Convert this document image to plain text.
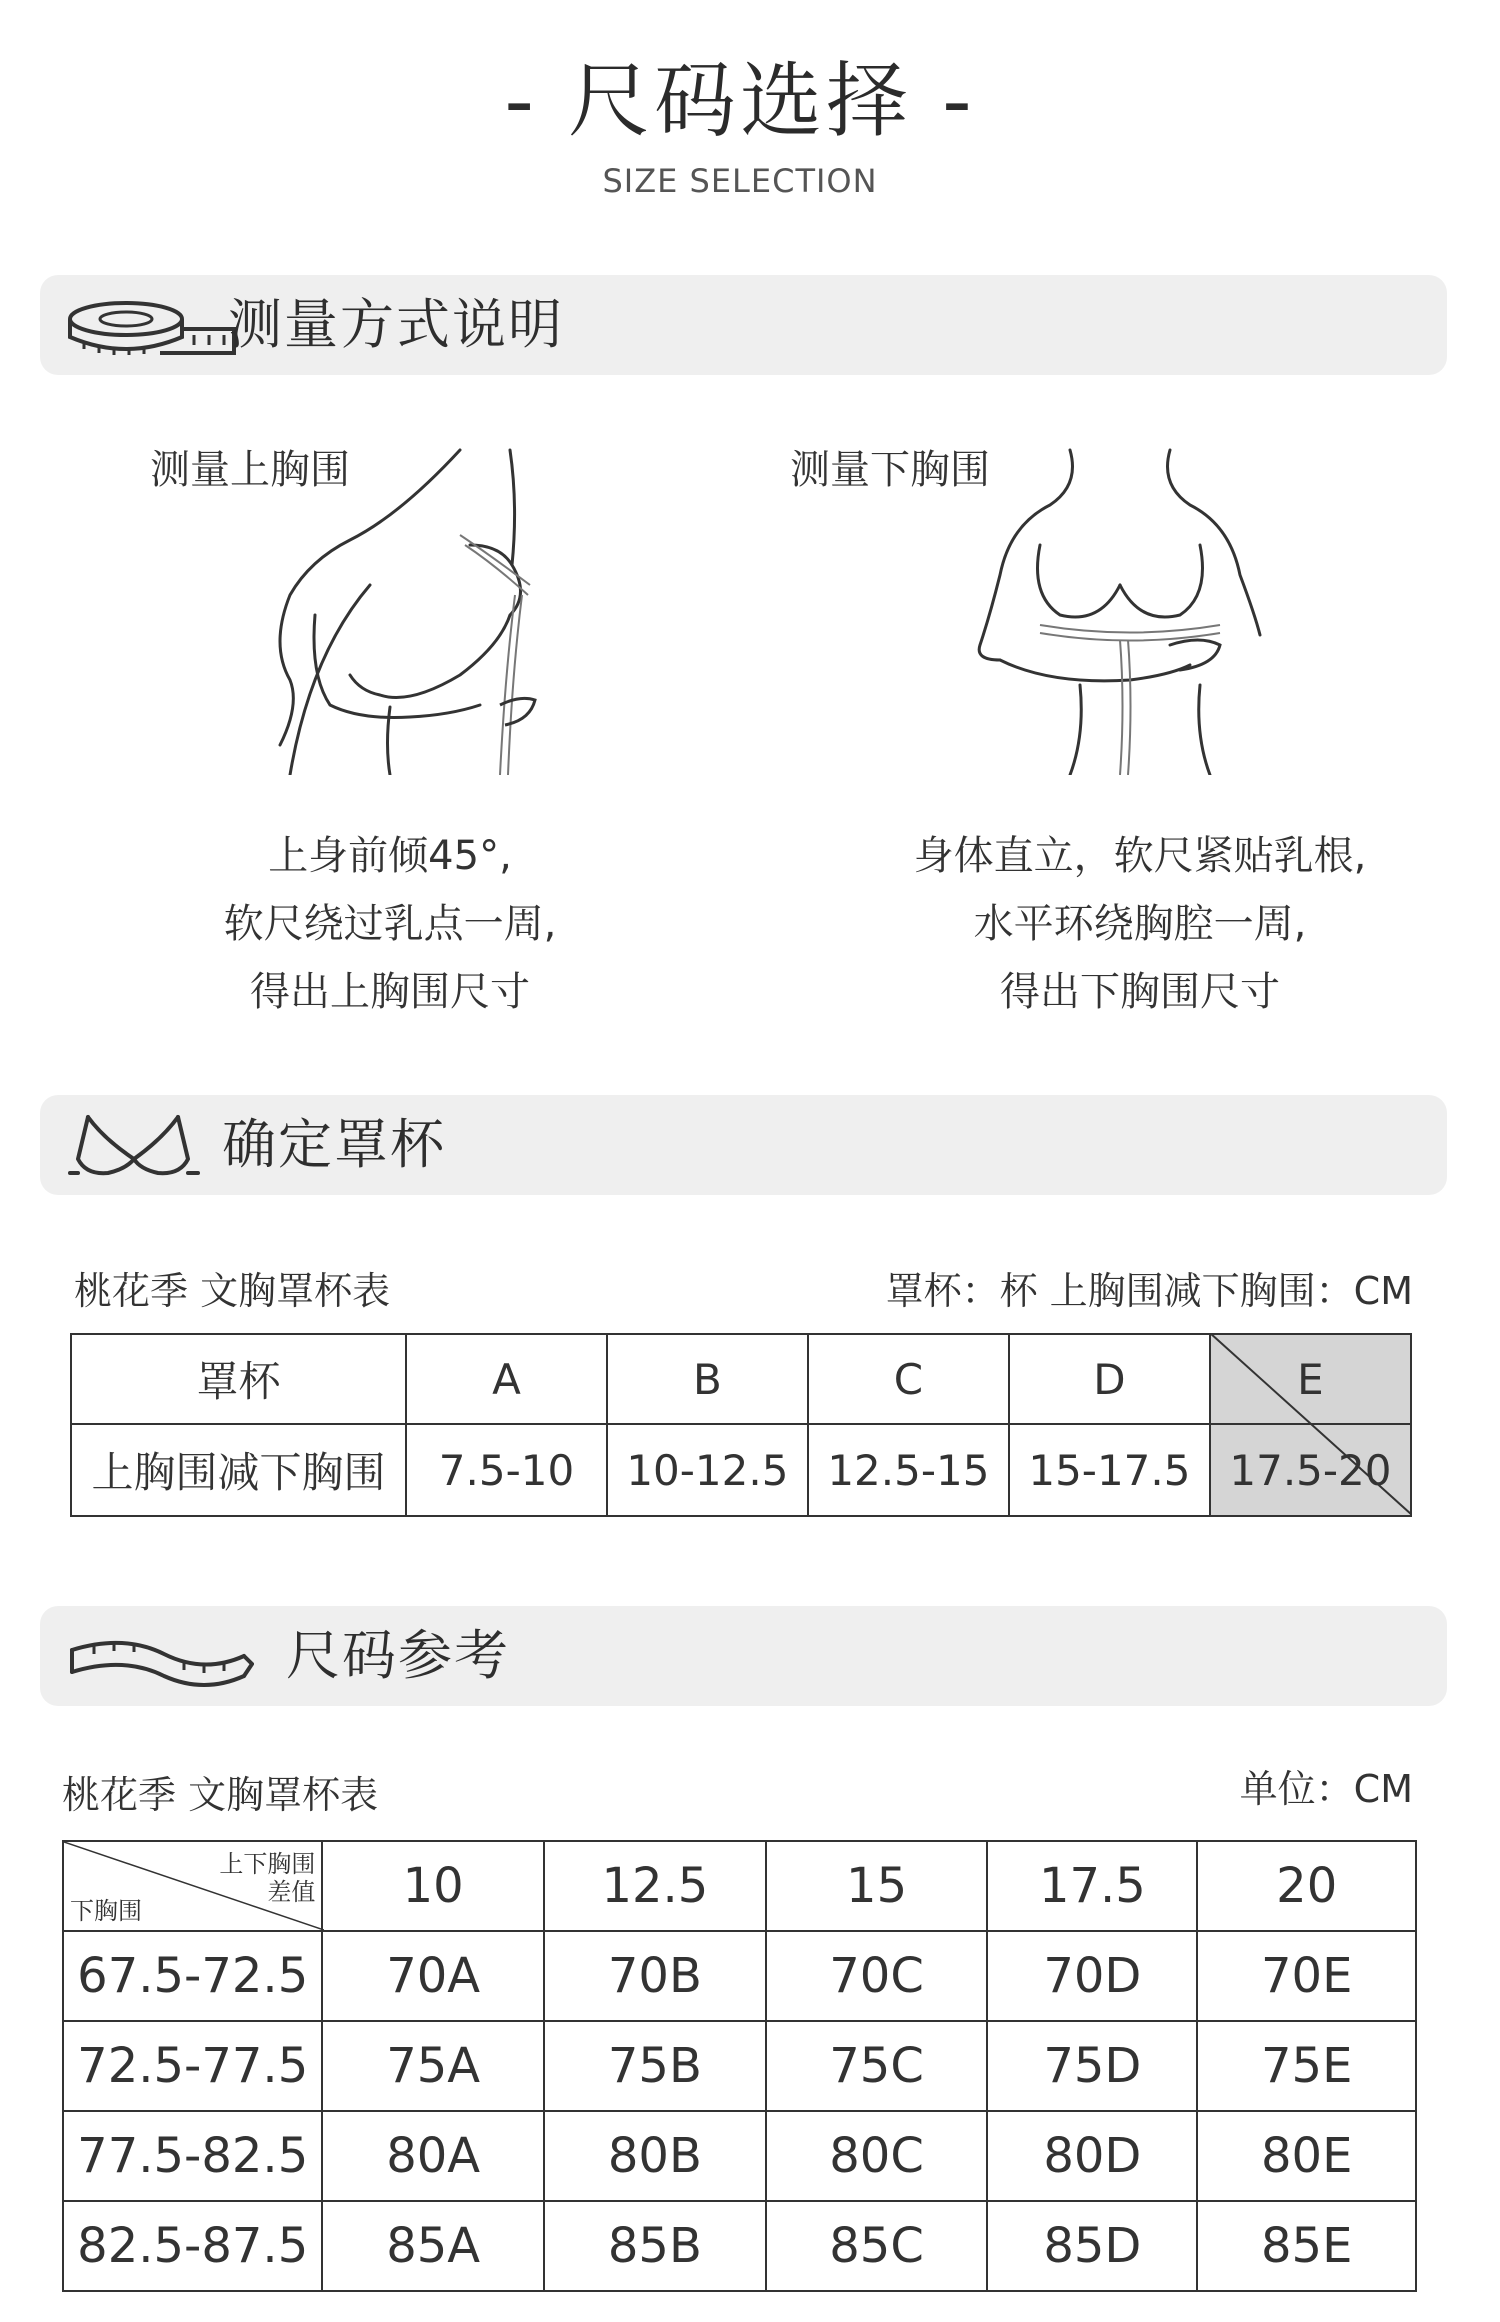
- 尺码选择 -
SIZE SELECTION
测量方式说明
测量上胸围	测量下胸围
上身前倾45°,
软尺绕过乳点一周,
得出上胸围尺寸
身体直立，软尺紧贴乳根,
水平环绕胸腔一周,
得出下胸围尺寸
确定罩杯
桃花季 文胸罩杯表	罩杯：杯 上胸围减下胸围：CM
罩杯	A	B	C	D	E
上胸围减下胸围	7.5-10	10-12.5	12.5-15	15-17.5	17.5-20
尺码参考
桃花季 文胸罩杯表	单位：CM
上下胸围
差值
下胸围	10	12.5	15	17.5	20
67.5-72.5	70A	70B	70C	70D	70E
72.5-77.5	75A	75B	75C	75D	75E
77.5-82.5	80A	80B	80C	80D	80E
82.5-87.5	85A	85B	85C	85D	85E
